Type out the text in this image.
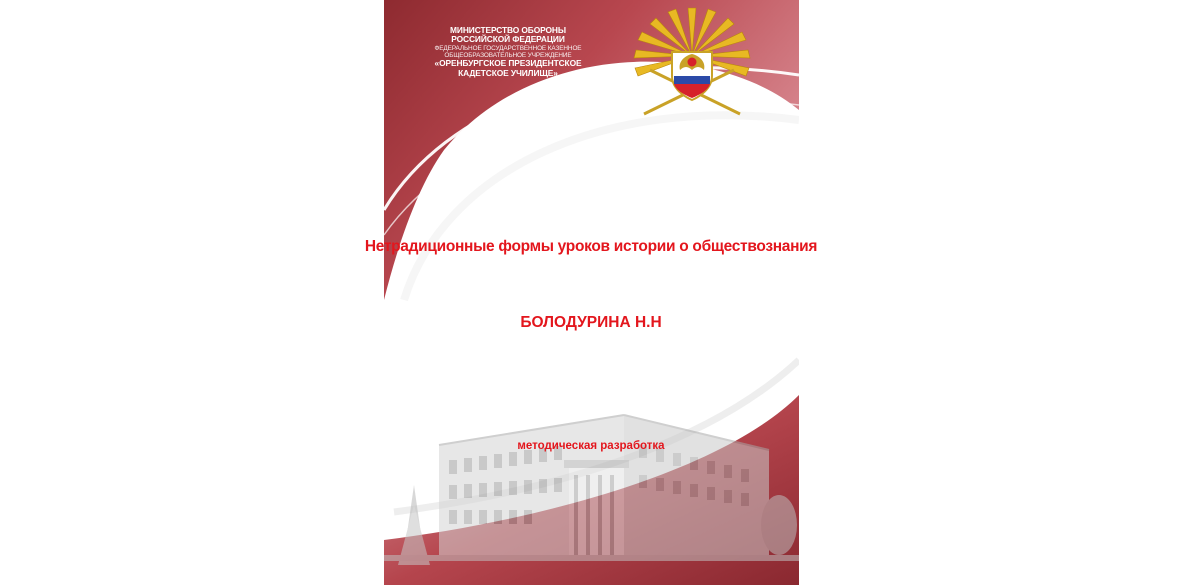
МИНИСТЕРСТВО ОБОРОНЫ
РОССИЙСКОЙ ФЕДЕРАЦИИ
ФЕДЕРАЛЬНОЕ ГОСУДАРСТВЕННОЕ КАЗЕННОЕ
ОБЩЕОБРАЗОВАТЕЛЬНОЕ УЧРЕЖДЕНИЕ
«ОРЕНБУРГСКОЕ ПРЕЗИДЕНТСКОЕ
КАДЕТСКОЕ УЧИЛИЩЕ»
Нетрадиционные формы уроков истории о обществознания
БОЛОДУРИНА Н.Н
методическая разработка
